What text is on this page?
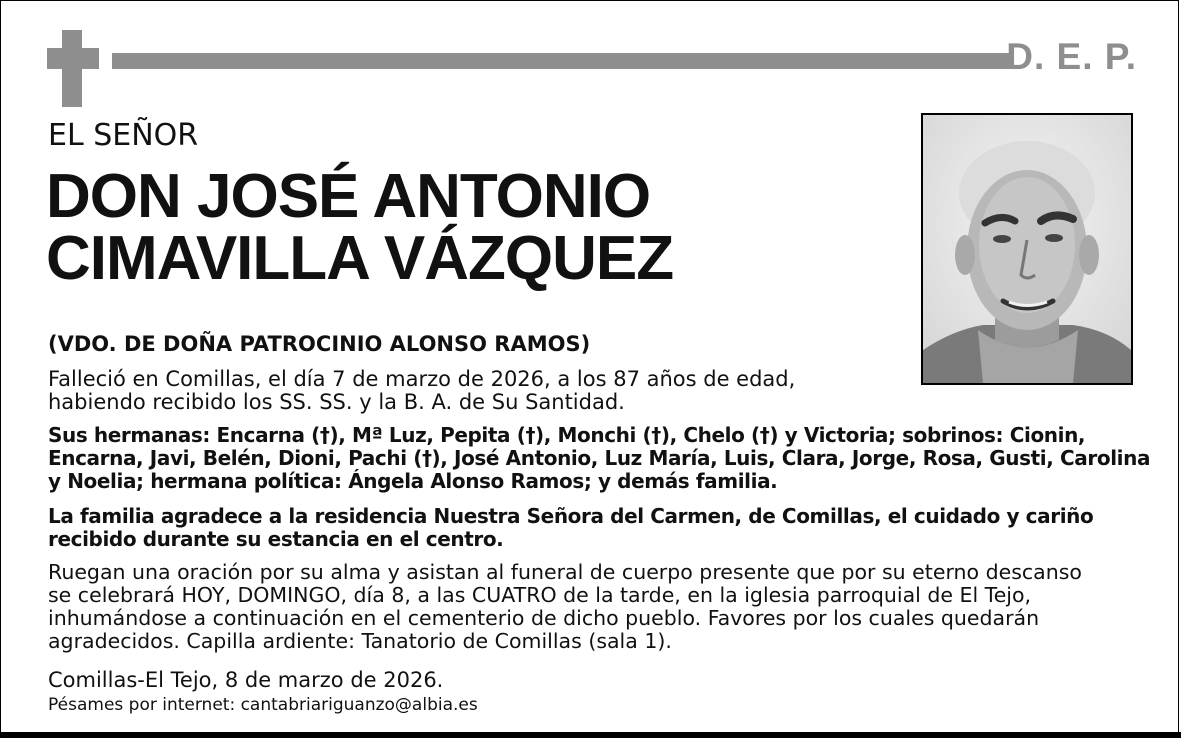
D. E. P.
EL SEÑOR
DON JOSÉ ANTONIO
CIMAVILLA VÁZQUEZ
(VDO. DE DOÑA PATROCINIO ALONSO RAMOS)
Falleció en Comillas, el día 7 de marzo de 2026, a los 87 años de edad,
habiendo recibido los SS. SS. y la B. A. de Su Santidad.
Sus hermanas: Encarna (†), Mª Luz, Pepita (†), Monchi (†), Chelo (†) y Victoria; sobrinos: Cionin,
Encarna, Javi, Belén, Dioni, Pachi (†), José Antonio, Luz María, Luis, Clara, Jorge, Rosa, Gusti, Carolina
y Noelia; hermana política: Ángela Alonso Ramos; y demás familia.
La familia agradece a la residencia Nuestra Señora del Carmen, de Comillas, el cuidado y cariño
recibido durante su estancia en el centro.
Ruegan una oración por su alma y asistan al funeral de cuerpo presente que por su eterno descanso
se celebrará HOY, DOMINGO, día 8, a las CUATRO de la tarde, en la iglesia parroquial de El Tejo,
inhumándose a continuación en el cementerio de dicho pueblo. Favores por los cuales quedarán
agradecidos. Capilla ardiente: Tanatorio de Comillas (sala 1).
Comillas-El Tejo, 8 de marzo de 2026.
Pésames por internet: cantabriariguanzo@albia.es
